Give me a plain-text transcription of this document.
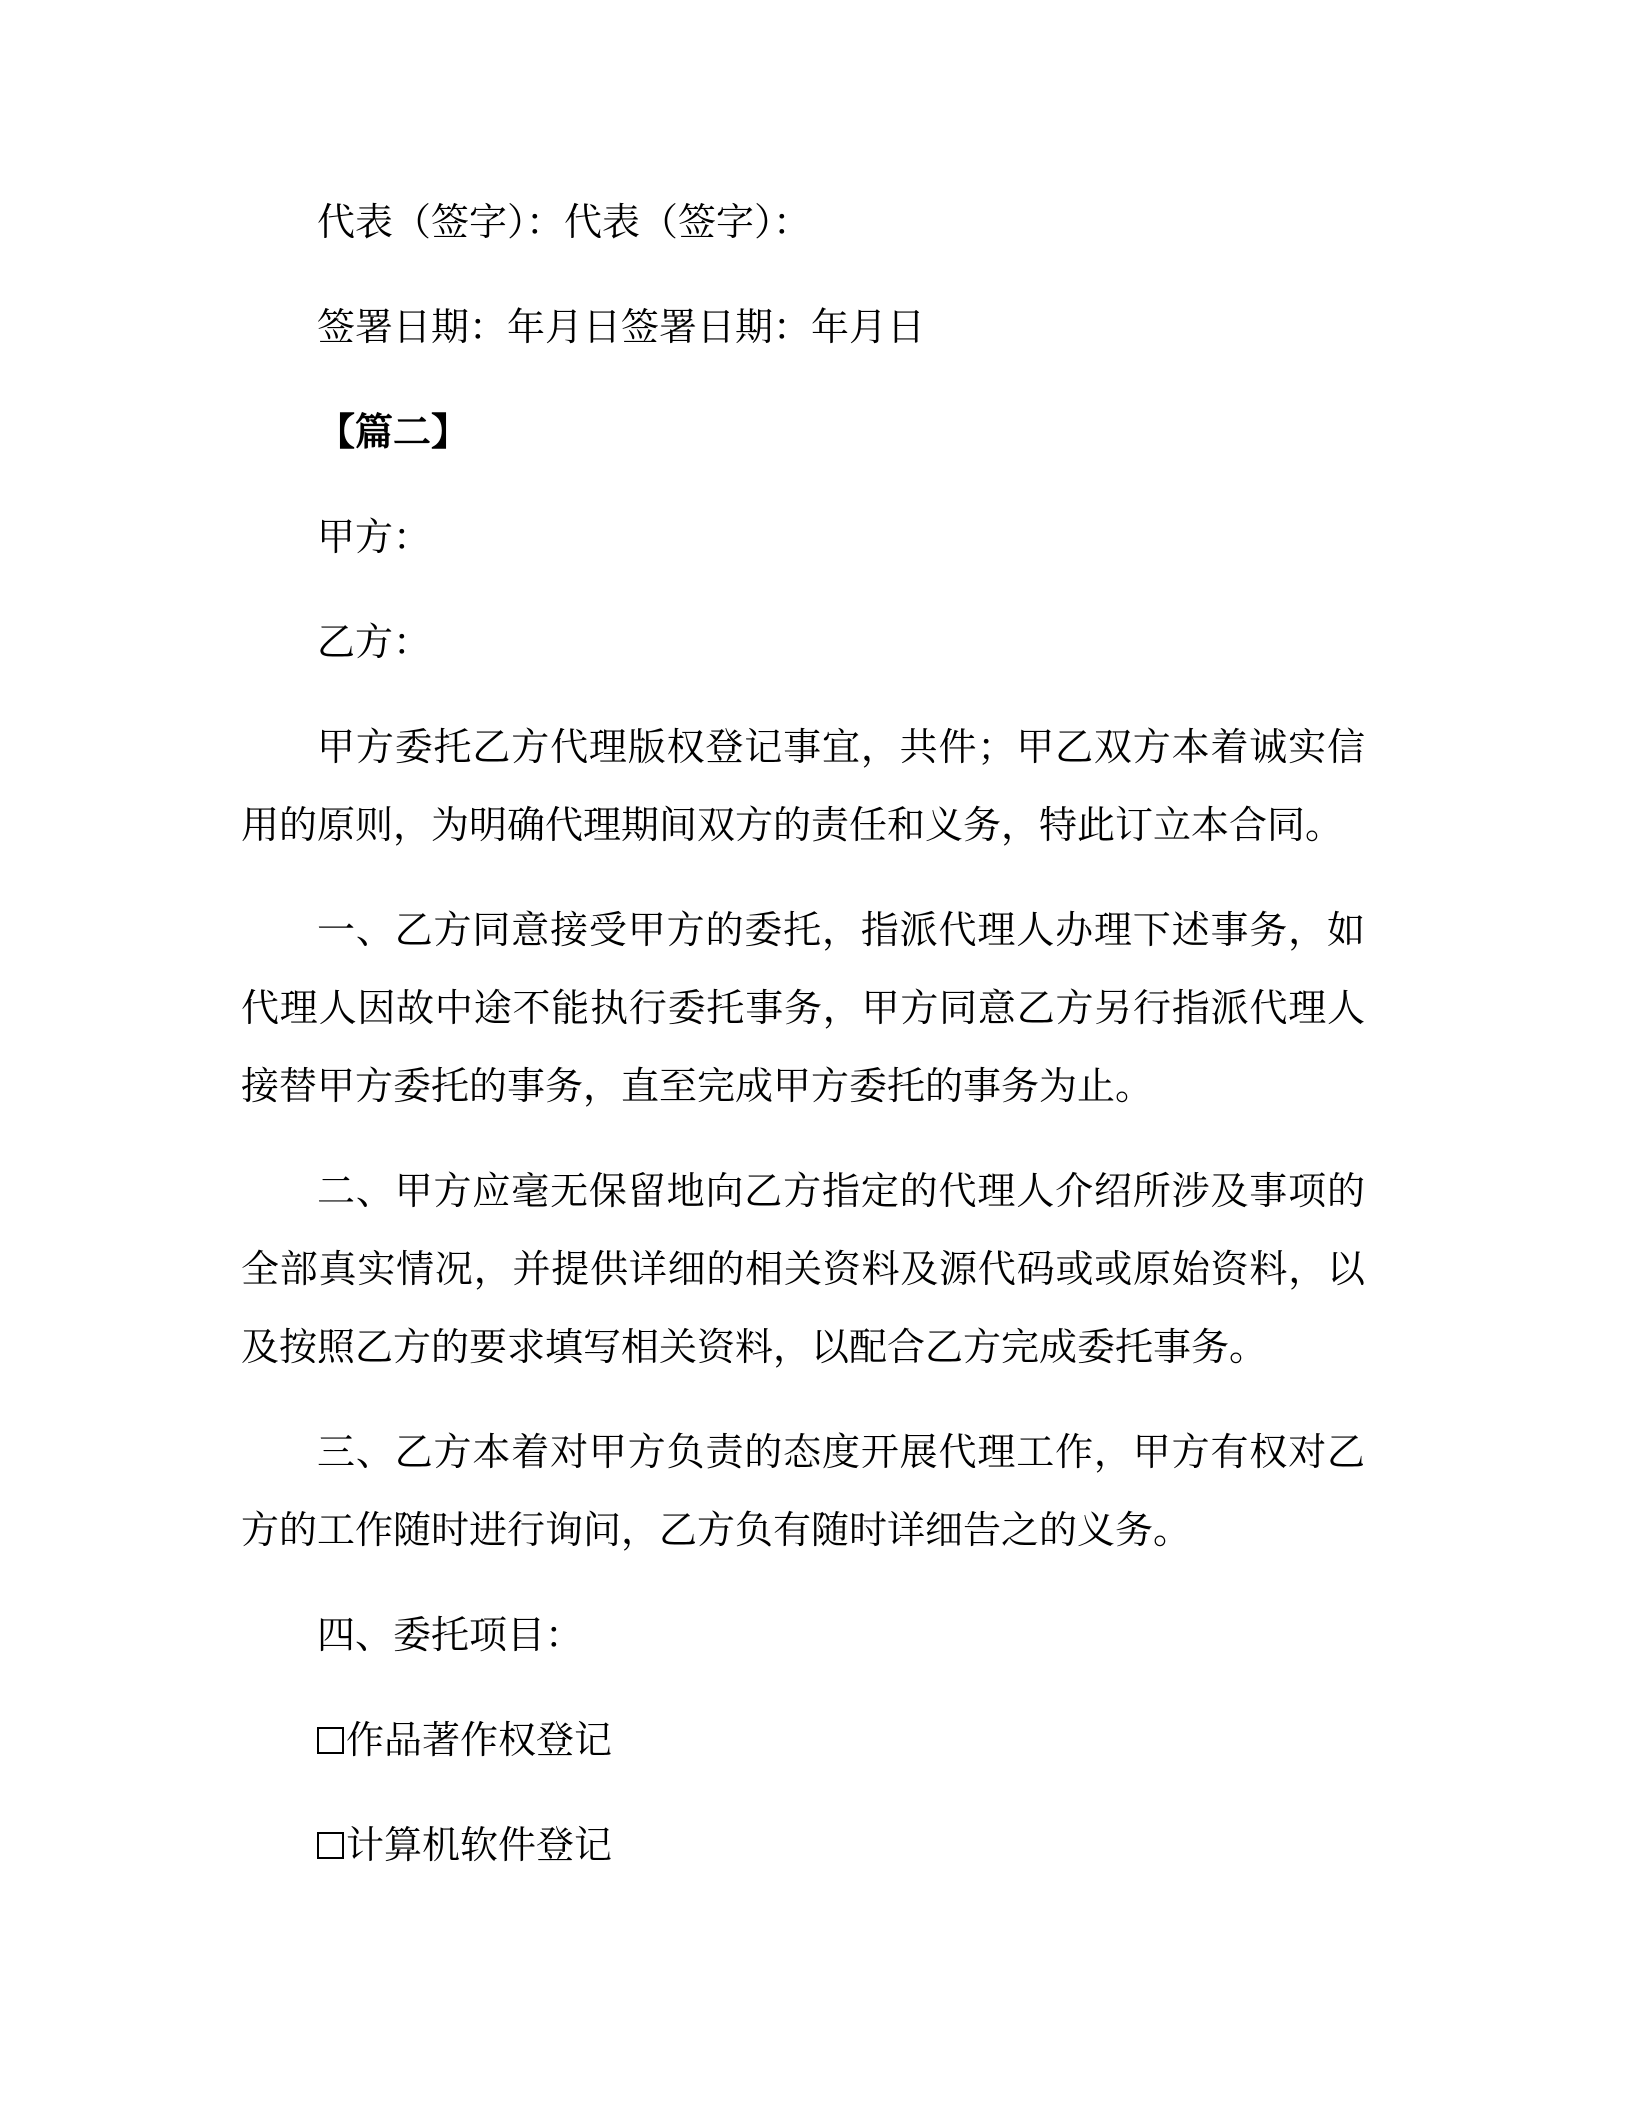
代表（签字）：代表（签字）：

签署日期：年月日签署日期：年月日

【篇二】

甲方：

乙方：

甲方委托乙方代理版权登记事宜，共件；甲乙双方本着诚实信用的原则，为明确代理期间双方的责任和义务，特此订立本合同。

一、乙方同意接受甲方的委托，指派代理人办理下述事务，如代理人因故中途不能执行委托事务，甲方同意乙方另行指派代理人接替甲方委托的事务，直至完成甲方委托的事务为止。

二、甲方应毫无保留地向乙方指定的代理人介绍所涉及事项的全部真实情况，并提供详细的相关资料及源代码或或原始资料，以及按照乙方的要求填写相关资料，以配合乙方完成委托事务。

三、乙方本着对甲方负责的态度开展代理工作，甲方有权对乙方的工作随时进行询问，乙方负有随时详细告之的义务。

四、委托项目：

作品著作权登记
计算机软件登记
